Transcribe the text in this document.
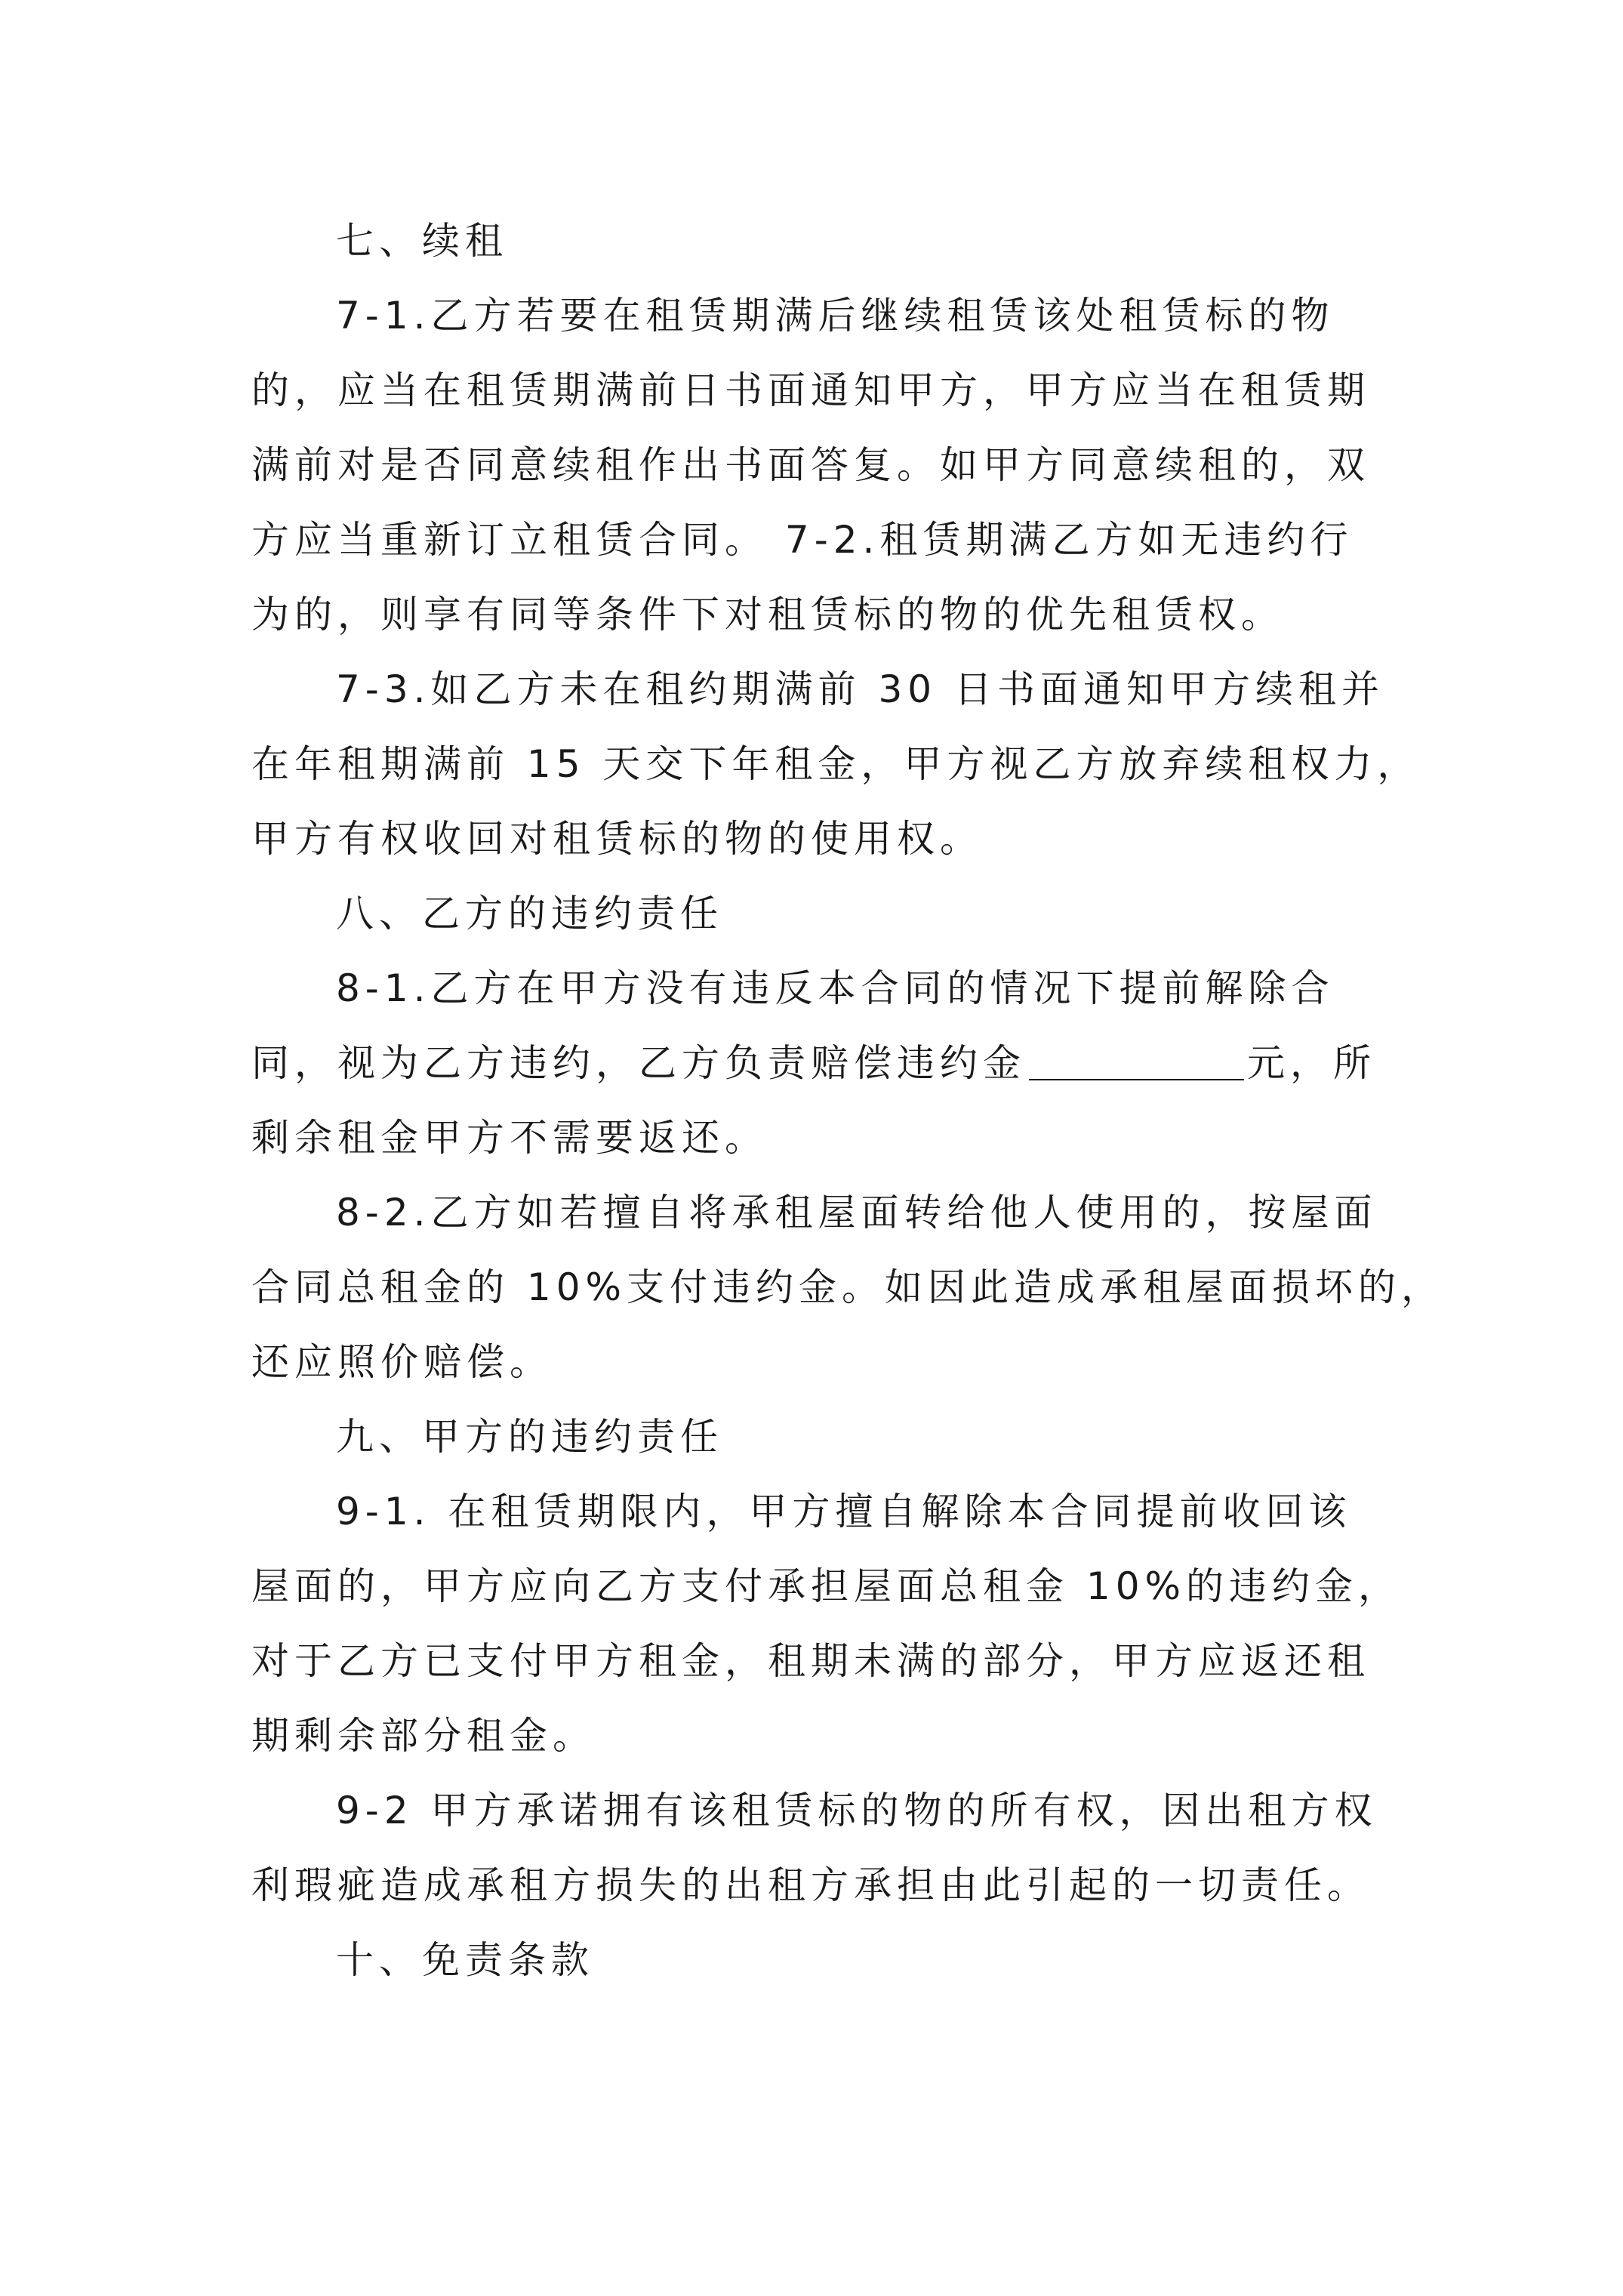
七、续租

7-1.乙方若要在租赁期满后继续租赁该处租赁标的物
的，应当在租赁期满前日书面通知甲方，甲方应当在租赁期
满前对是否同意续租作出书面答复。如甲方同意续租的，双
方应当重新订立租赁合同。 7-2.租赁期满乙方如无违约行
为的，则享有同等条件下对租赁标的物的优先租赁权。

7-3.如乙方未在租约期满前 30 日书面通知甲方续租并
在年租期满前 15 天交下年租金，甲方视乙方放弃续租权力，
甲方有权收回对租赁标的物的使用权。

八、乙方的违约责任

8-1.乙方在甲方没有违反本合同的情况下提前解除合
同，视为乙方违约，乙方负责赔偿违约金	元，所
剩余租金甲方不需要返还。

8-2.乙方如若擅自将承租屋面转给他人使用的，按屋面
合同总租金的 10%支付违约金。如因此造成承租屋面损坏的，
还应照价赔偿。

九、甲方的违约责任

9-1. 在租赁期限内，甲方擅自解除本合同提前收回该
屋面的，甲方应向乙方支付承担屋面总租金 10%的违约金，
对于乙方已支付甲方租金，租期未满的部分，甲方应返还租
期剩余部分租金。

9-2 甲方承诺拥有该租赁标的物的所有权，因出租方权
利瑕疵造成承租方损失的出租方承担由此引起的一切责任。

十、免责条款
